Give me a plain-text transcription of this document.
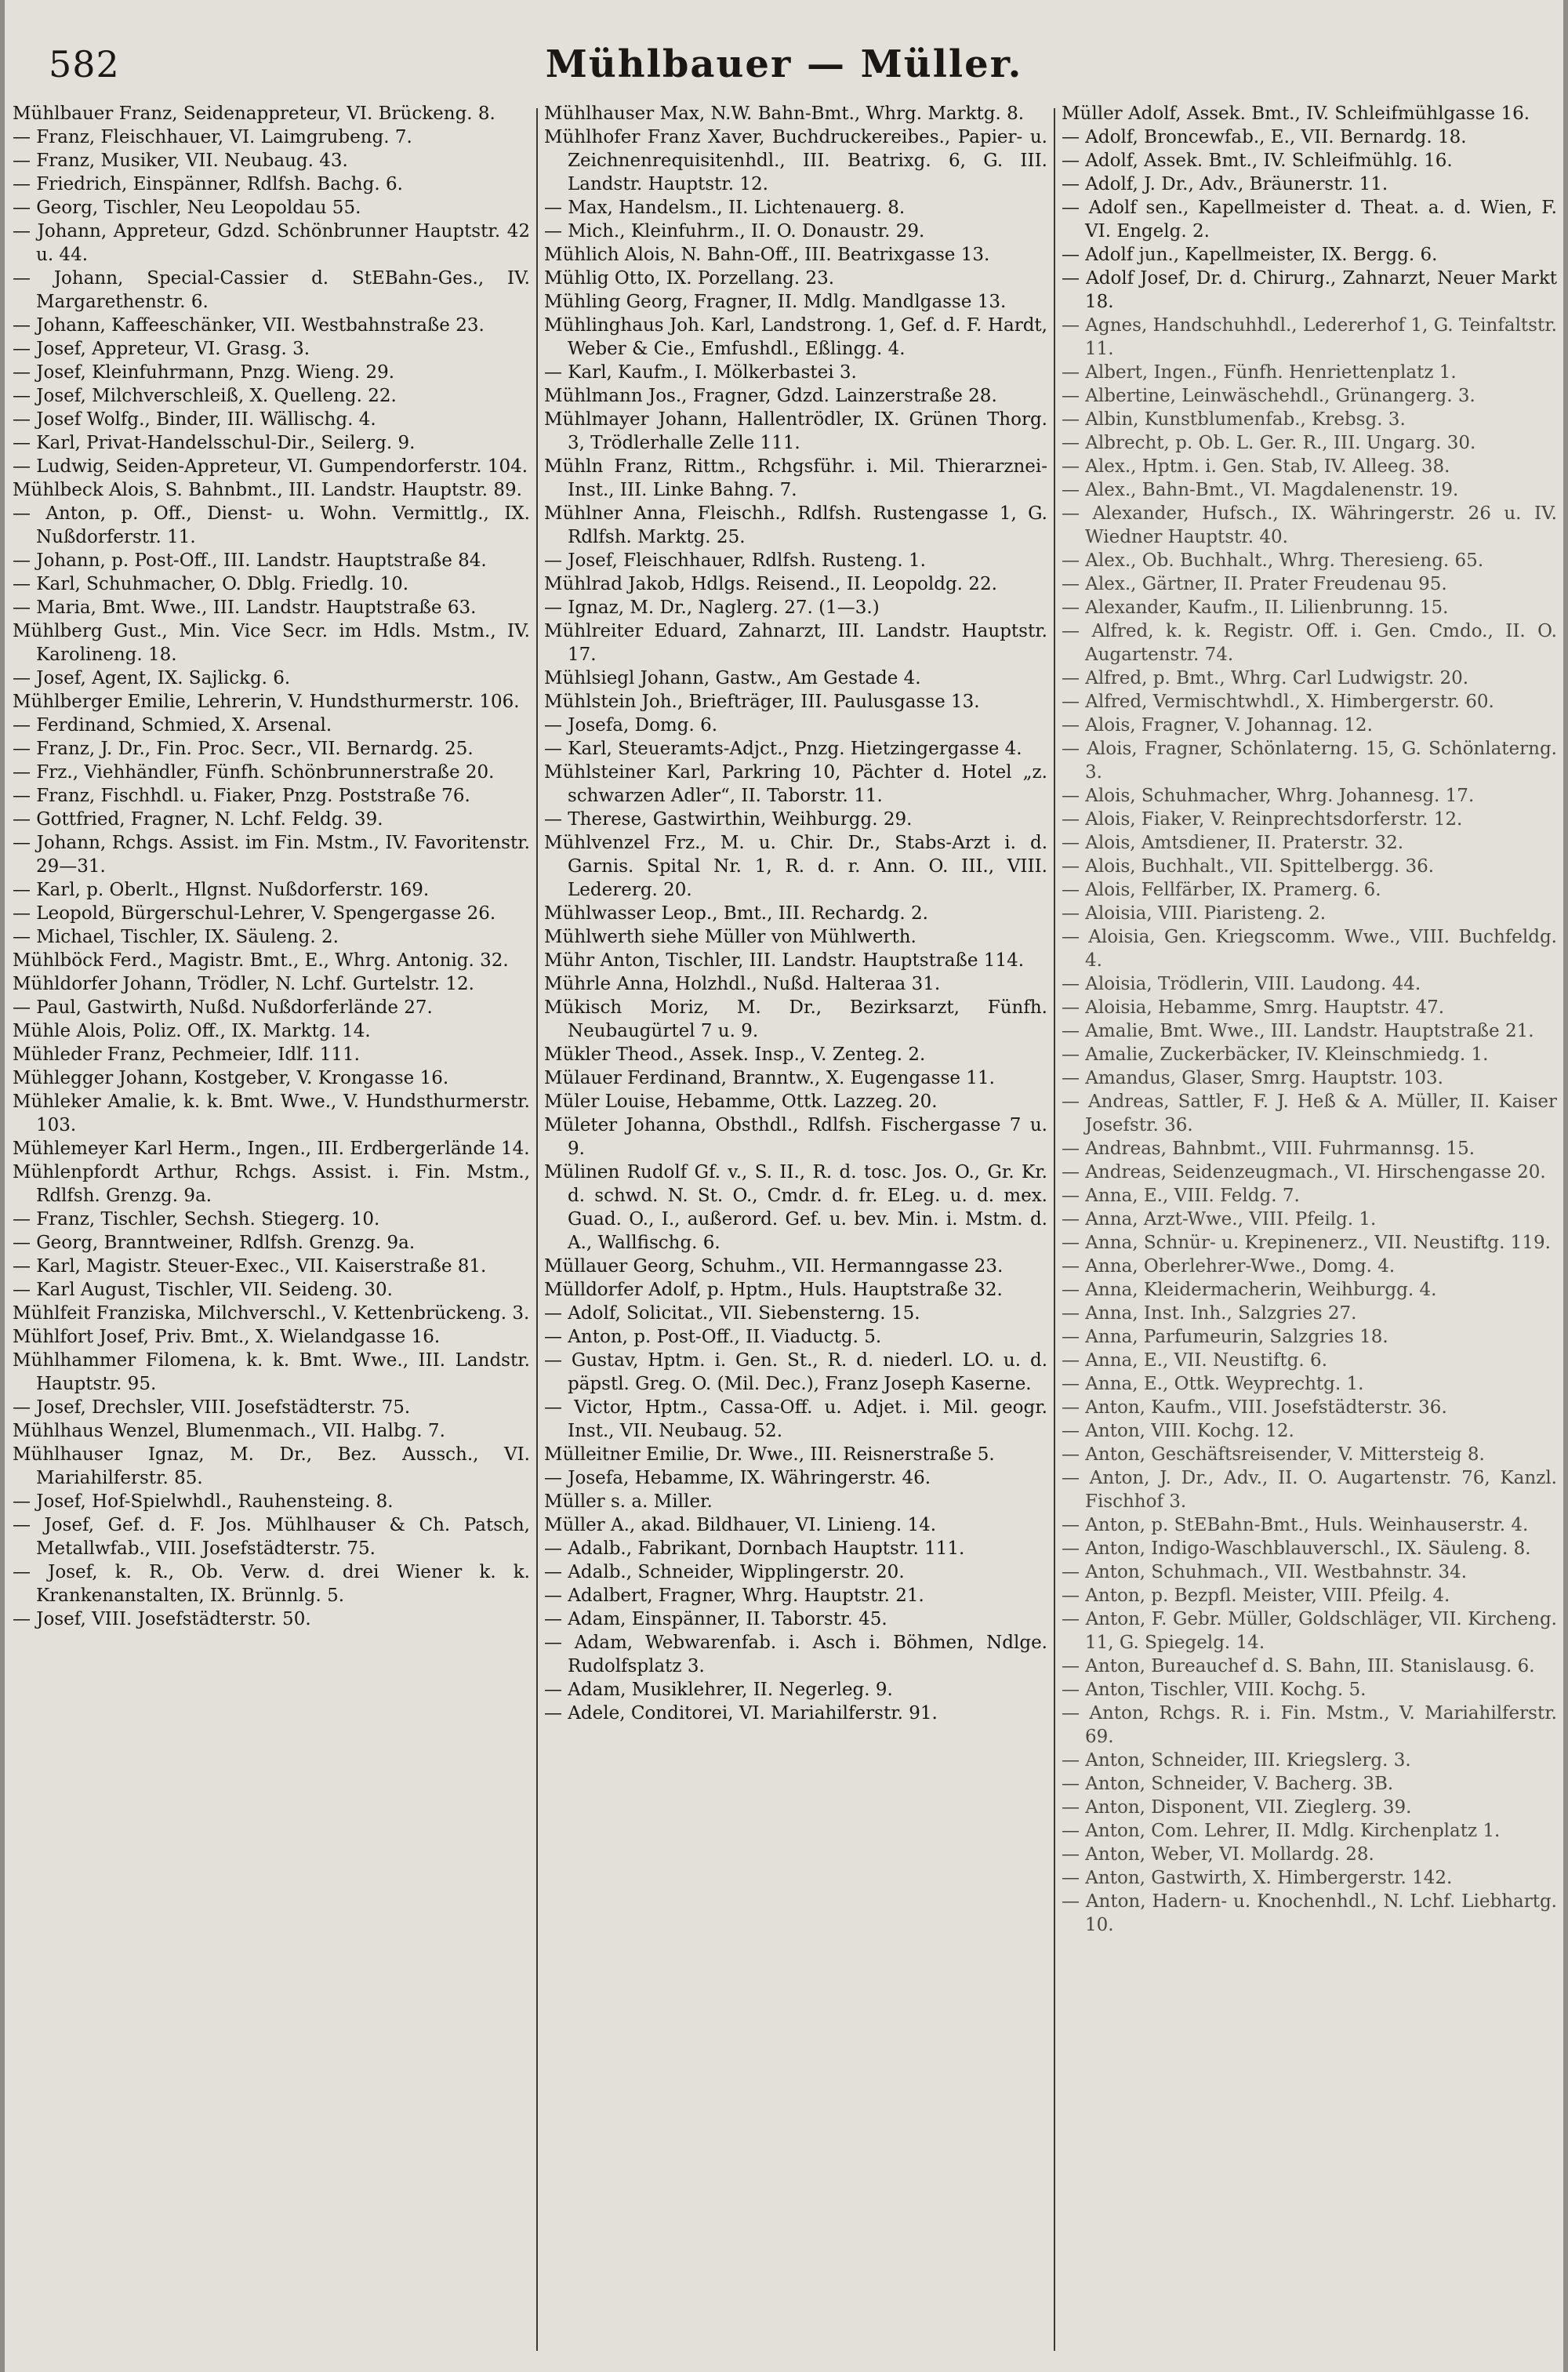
582	Mühlbauer — Müller.

Mühlbauer Franz, Seidenappreteur, VI. Brückeng. 8.

— Franz, Fleischhauer, VI. Laimgrubeng. 7.

— Franz, Musiker, VII. Neubaug. 43.

— Friedrich, Einspänner, Rdlfsh. Bachg. 6.

— Georg, Tischler, Neu Leopoldau 55.

— Johann, Appreteur, Gdzd. Schönbrunner Hauptstr. 42 u. 44.

— Johann, Special-Cassier d. StEBahn-Ges., IV. Margarethenstr. 6.

— Johann, Kaffeeschänker, VII. Westbahnstraße 23.

— Josef, Appreteur, VI. Grasg. 3.

— Josef, Kleinfuhrmann, Pnzg. Wieng. 29.

— Josef, Milchverschleiß, X. Quelleng. 22.

— Josef Wolfg., Binder, III. Wällischg. 4.

— Karl, Privat-Handelsschul-Dir., Seilerg. 9.

— Ludwig, Seiden-Appreteur, VI. Gumpendorferstr. 104.

Mühlbeck Alois, S. Bahnbmt., III. Landstr. Hauptstr. 89.

— Anton, p. Off., Dienst- u. Wohn. Vermittlg., IX. Nußdorferstr. 11.

— Johann, p. Post-Off., III. Landstr. Hauptstraße 84.

— Karl, Schuhmacher, O. Dblg. Friedlg. 10.

— Maria, Bmt. Wwe., III. Landstr. Hauptstraße 63.

Mühlberg Gust., Min. Vice Secr. im Hdls. Mstm., IV. Karolineng. 18.

— Josef, Agent, IX. Sajlickg. 6.

Mühlberger Emilie, Lehrerin, V. Hundsthurmerstr. 106.

— Ferdinand, Schmied, X. Arsenal.

— Franz, J. Dr., Fin. Proc. Secr., VII. Bernardg. 25.

— Frz., Viehhändler, Fünfh. Schönbrunnerstraße 20.

— Franz, Fischhdl. u. Fiaker, Pnzg. Poststraße 76.

— Gottfried, Fragner, N. Lchf. Feldg. 39.

— Johann, Rchgs. Assist. im Fin. Mstm., IV. Favoritenstr. 29—31.

— Karl, p. Oberlt., Hlgnst. Nußdorferstr. 169.

— Leopold, Bürgerschul-Lehrer, V. Spengergasse 26.

— Michael, Tischler, IX. Säuleng. 2.

Mühlböck Ferd., Magistr. Bmt., E., Whrg. Antonig. 32.

Mühldorfer Johann, Trödler, N. Lchf. Gurtelstr. 12.

— Paul, Gastwirth, Nußd. Nußdorferlände 27.

Mühle Alois, Poliz. Off., IX. Marktg. 14.

Mühleder Franz, Pechmeier, Idlf. 111.

Mühlegger Johann, Kostgeber, V. Krongasse 16.

Mühleker Amalie, k. k. Bmt. Wwe., V. Hundsthurmerstr. 103.

Mühlemeyer Karl Herm., Ingen., III. Erdbergerlände 14.

Mühlenpfordt Arthur, Rchgs. Assist. i. Fin. Mstm., Rdlfsh. Grenzg. 9a.

— Franz, Tischler, Sechsh. Stiegerg. 10.

— Georg, Branntweiner, Rdlfsh. Grenzg. 9a.

— Karl, Magistr. Steuer-Exec., VII. Kaiserstraße 81.

— Karl August, Tischler, VII. Seideng. 30.

Mühlfeit Franziska, Milchverschl., V. Kettenbrückeng. 3.

Mühlfort Josef, Priv. Bmt., X. Wielandgasse 16.

Mühlhammer Filomena, k. k. Bmt. Wwe., III. Landstr. Hauptstr. 95.

— Josef, Drechsler, VIII. Josefstädterstr. 75.

Mühlhaus Wenzel, Blumenmach., VII. Halbg. 7.

Mühlhauser Ignaz, M. Dr., Bez. Aussch., VI. Mariahilferstr. 85.

— Josef, Hof-Spielwhdl., Rauhensteing. 8.

— Josef, Gef. d. F. Jos. Mühlhauser & Ch. Patsch, Metallwfab., VIII. Josefstädterstr. 75.

— Josef, k. R., Ob. Verw. d. drei Wiener k. k. Krankenanstalten, IX. Brünnlg. 5.

— Josef, VIII. Josefstädterstr. 50.

Mühlhauser Max, N.W. Bahn-Bmt., Whrg. Marktg. 8.

Mühlhofer Franz Xaver, Buchdruckereibes., Papier- u. Zeichnenrequisitenhdl., III. Beatrixg. 6, G. III. Landstr. Hauptstr. 12.

— Max, Handelsm., II. Lichtenauerg. 8.

— Mich., Kleinfuhrm., II. O. Donaustr. 29.

Mühlich Alois, N. Bahn-Off., III. Beatrixgasse 13.

Mühlig Otto, IX. Porzellang. 23.

Mühling Georg, Fragner, II. Mdlg. Mandlgasse 13.

Mühlinghaus Joh. Karl, Landstrong. 1, Gef. d. F. Hardt, Weber & Cie., Emfushdl., Eßlingg. 4.

— Karl, Kaufm., I. Mölkerbastei 3.

Mühlmann Jos., Fragner, Gdzd. Lainzerstraße 28.

Mühlmayer Johann, Hallentrödler, IX. Grünen Thorg. 3, Trödlerhalle Zelle 111.

Mühln Franz, Rittm., Rchgsführ. i. Mil. Thierarznei-Inst., III. Linke Bahng. 7.

Mühlner Anna, Fleischh., Rdlfsh. Rustengasse 1, G. Rdlfsh. Marktg. 25.

— Josef, Fleischhauer, Rdlfsh. Rusteng. 1.

Mühlrad Jakob, Hdlgs. Reisend., II. Leopoldg. 22.

— Ignaz, M. Dr., Naglerg. 27. (1—3.)

Mühlreiter Eduard, Zahnarzt, III. Landstr. Hauptstr. 17.

Mühlsiegl Johann, Gastw., Am Gestade 4.

Mühlstein Joh., Briefträger, III. Paulusgasse 13.

— Josefa, Domg. 6.

— Karl, Steueramts-Adjct., Pnzg. Hietzingergasse 4.

Mühlsteiner Karl, Parkring 10, Pächter d. Hotel „z. schwarzen Adler“, II. Taborstr. 11.

— Therese, Gastwirthin, Weihburgg. 29.

Mühlvenzel Frz., M. u. Chir. Dr., Stabs-Arzt i. d. Garnis. Spital Nr. 1, R. d. r. Ann. O. III., VIII. Ledererg. 20.

Mühlwasser Leop., Bmt., III. Rechardg. 2.

Mühlwerth siehe Müller von Mühlwerth.

Mühr Anton, Tischler, III. Landstr. Hauptstraße 114.

Mührle Anna, Holzhdl., Nußd. Halteraa 31.

Mükisch Moriz, M. Dr., Bezirksarzt, Fünfh. Neubaugürtel 7 u. 9.

Mükler Theod., Assek. Insp., V. Zenteg. 2.

Mülauer Ferdinand, Branntw., X. Eugengasse 11.

Müler Louise, Hebamme, Ottk. Lazzeg. 20.

Mületer Johanna, Obsthdl., Rdlfsh. Fischergasse 7 u. 9.

Mülinen Rudolf Gf. v., S. II., R. d. tosc. Jos. O., Gr. Kr. d. schwd. N. St. O., Cmdr. d. fr. ELeg. u. d. mex. Guad. O., I., außerord. Gef. u. bev. Min. i. Mstm. d. A., Wallfischg. 6.

Müllauer Georg, Schuhm., VII. Hermanngasse 23.

Mülldorfer Adolf, p. Hptm., Huls. Hauptstraße 32.

— Adolf, Solicitat., VII. Siebensterng. 15.

— Anton, p. Post-Off., II. Viaductg. 5.

— Gustav, Hptm. i. Gen. St., R. d. niederl. LO. u. d. päpstl. Greg. O. (Mil. Dec.), Franz Joseph Kaserne.

— Victor, Hptm., Cassa-Off. u. Adjet. i. Mil. geogr. Inst., VII. Neubaug. 52.

Mülleitner Emilie, Dr. Wwe., III. Reisnerstraße 5.

— Josefa, Hebamme, IX. Währingerstr. 46.

Müller s. a. Miller.

Müller A., akad. Bildhauer, VI. Linieng. 14.

— Adalb., Fabrikant, Dornbach Hauptstr. 111.

— Adalb., Schneider, Wipplingerstr. 20.

— Adalbert, Fragner, Whrg. Hauptstr. 21.

— Adam, Einspänner, II. Taborstr. 45.

— Adam, Webwarenfab. i. Asch i. Böhmen, Ndlge. Rudolfsplatz 3.

— Adam, Musiklehrer, II. Negerleg. 9.

— Adele, Conditorei, VI. Mariahilferstr. 91.

Müller Adolf, Assek. Bmt., IV. Schleifmühlgasse 16.

— Adolf, Broncewfab., E., VII. Bernardg. 18.

— Adolf, Assek. Bmt., IV. Schleifmühlg. 16.

— Adolf, J. Dr., Adv., Bräunerstr. 11.

— Adolf sen., Kapellmeister d. Theat. a. d. Wien, F. VI. Engelg. 2.

— Adolf jun., Kapellmeister, IX. Bergg. 6.

— Adolf Josef, Dr. d. Chirurg., Zahnarzt, Neuer Markt 18.

— Agnes, Handschuhhdl., Ledererhof 1, G. Teinfaltstr. 11.

— Albert, Ingen., Fünfh. Henriettenplatz 1.

— Albertine, Leinwäschehdl., Grünangerg. 3.

— Albin, Kunstblumenfab., Krebsg. 3.

— Albrecht, p. Ob. L. Ger. R., III. Ungarg. 30.

— Alex., Hptm. i. Gen. Stab, IV. Alleeg. 38.

— Alex., Bahn-Bmt., VI. Magdalenenstr. 19.

— Alexander, Hufsch., IX. Währingerstr. 26 u. IV. Wiedner Hauptstr. 40.

— Alex., Ob. Buchhalt., Whrg. Theresieng. 65.

— Alex., Gärtner, II. Prater Freudenau 95.

— Alexander, Kaufm., II. Lilienbrunng. 15.

— Alfred, k. k. Registr. Off. i. Gen. Cmdo., II. O. Augartenstr. 74.

— Alfred, p. Bmt., Whrg. Carl Ludwigstr. 20.

— Alfred, Vermischtwhdl., X. Himbergerstr. 60.

— Alois, Fragner, V. Johannag. 12.

— Alois, Fragner, Schönlaterng. 15, G. Schönlaterng. 3.

— Alois, Schuhmacher, Whrg. Johannesg. 17.

— Alois, Fiaker, V. Reinprechtsdorferstr. 12.

— Alois, Amtsdiener, II. Praterstr. 32.

— Alois, Buchhalt., VII. Spittelbergg. 36.

— Alois, Fellfärber, IX. Pramerg. 6.

— Aloisia, VIII. Piaristeng. 2.

— Aloisia, Gen. Kriegscomm. Wwe., VIII. Buchfeldg. 4.

— Aloisia, Trödlerin, VIII. Laudong. 44.

— Aloisia, Hebamme, Smrg. Hauptstr. 47.

— Amalie, Bmt. Wwe., III. Landstr. Hauptstraße 21.

— Amalie, Zuckerbäcker, IV. Kleinschmiedg. 1.

— Amandus, Glaser, Smrg. Hauptstr. 103.

— Andreas, Sattler, F. J. Heß & A. Müller, II. Kaiser Josefstr. 36.

— Andreas, Bahnbmt., VIII. Fuhrmannsg. 15.

— Andreas, Seidenzeugmach., VI. Hirschengasse 20.

— Anna, E., VIII. Feldg. 7.

— Anna, Arzt-Wwe., VIII. Pfeilg. 1.

— Anna, Schnür- u. Krepinenerz., VII. Neustiftg. 119.

— Anna, Oberlehrer-Wwe., Domg. 4.

— Anna, Kleidermacherin, Weihburgg. 4.

— Anna, Inst. Inh., Salzgries 27.

— Anna, Parfumeurin, Salzgries 18.

— Anna, E., VII. Neustiftg. 6.

— Anna, E., Ottk. Weyprechtg. 1.

— Anton, Kaufm., VIII. Josefstädterstr. 36.

— Anton, VIII. Kochg. 12.

— Anton, Geschäftsreisender, V. Mittersteig 8.

— Anton, J. Dr., Adv., II. O. Augartenstr. 76, Kanzl. Fischhof 3.

— Anton, p. StEBahn-Bmt., Huls. Weinhauserstr. 4.

— Anton, Indigo-Waschblauverschl., IX. Säuleng. 8.

— Anton, Schuhmach., VII. Westbahnstr. 34.

— Anton, p. Bezpfl. Meister, VIII. Pfeilg. 4.

— Anton, F. Gebr. Müller, Goldschläger, VII. Kircheng. 11, G. Spiegelg. 14.

— Anton, Bureauchef d. S. Bahn, III. Stanislausg. 6.

— Anton, Tischler, VIII. Kochg. 5.

— Anton, Rchgs. R. i. Fin. Mstm., V. Mariahilferstr. 69.

— Anton, Schneider, III. Kriegslerg. 3.

— Anton, Schneider, V. Bacherg. 3B.

— Anton, Disponent, VII. Zieglerg. 39.

— Anton, Com. Lehrer, II. Mdlg. Kirchenplatz 1.

— Anton, Weber, VI. Mollardg. 28.

— Anton, Gastwirth, X. Himbergerstr. 142.

— Anton, Hadern- u. Knochenhdl., N. Lchf. Liebhartg. 10.
